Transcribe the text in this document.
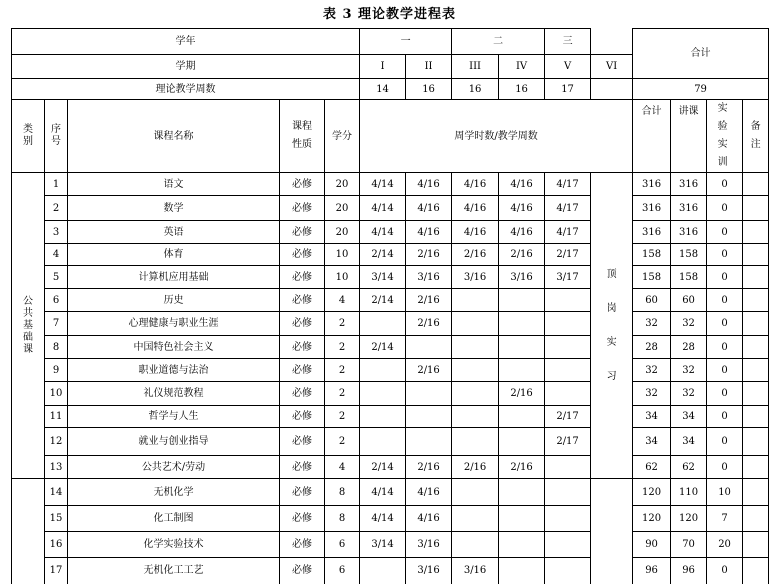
表 3 理论教学进程表
学年					一		二		三		合计			
学期					I	II	III	IV	V	VI				
理论教学周数					14	16	16	16	17		79			
类别	序号	课程名称	课程性质	学分	周学时数/教学周数						合计	讲课	实验实训	备注
公共基础课	1	语文	必修	20	4/14	4/16	4/16	4/16	4/17	顶岗实习	316	316	0	
	2	数学	必修	20	4/14	4/16	4/16	4/16	4/17		316	316	0	
	3	英语	必修	20	4/14	4/16	4/16	4/16	4/17		316	316	0	
	4	体育	必修	10	2/14	2/16	2/16	2/16	2/17		158	158	0	
	5	计算机应用基础	必修	10	3/14	3/16	3/16	3/16	3/17		158	158	0	
	6	历史	必修	4	2/14	2/16					60	60	0	
	7	心理健康与职业生涯	必修	2		2/16					32	32	0	
	8	中国特色社会主义	必修	2	2/14						28	28	0	
	9	职业道德与法治	必修	2		2/16					32	32	0	
	10	礼仪规范教程	必修	2				2/16			32	32	0	
	11	哲学与人生	必修	2					2/17		34	34	0	
	12	就业与创业指导	必修	2					2/17		34	34	0	
	13	公共艺术/劳动	必修	4	2/14	2/16	2/16	2/16			62	62	0	
	14	无机化学	必修	8	4/14	4/16					120	110	10	
	15	化工制图	必修	8	4/14	4/16					120	120	7	
	16	化学实验技术	必修	6	3/14	3/16					90	70	20	
	17	无机化工工艺	必修	6		3/16	3/16				96	96	0	
